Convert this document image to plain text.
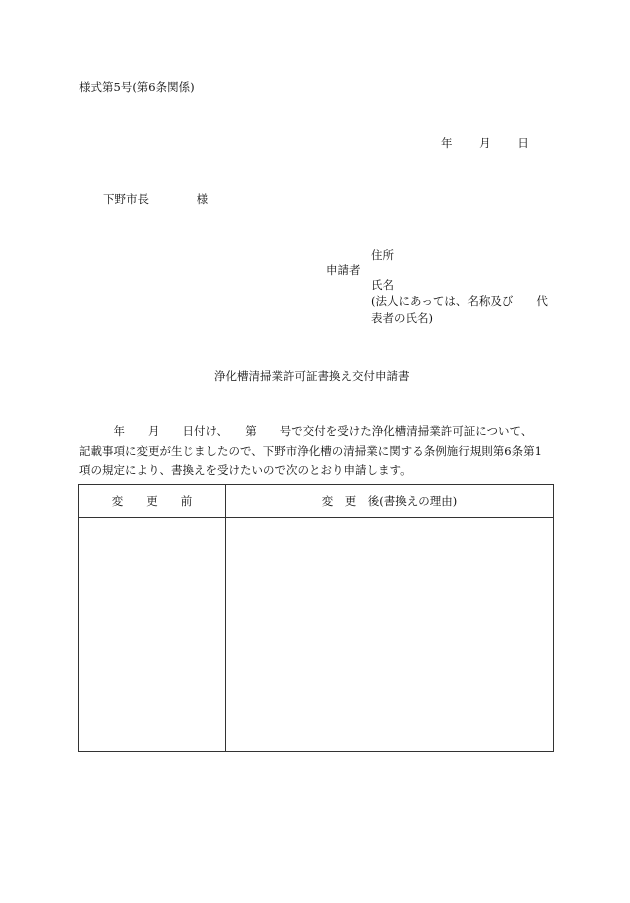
様式第5号(第6条関係)
年 月 日
下野市長	様
申請者
住所
氏名
(法人にあっては、名称及び　　代
表者の氏名)
浄化槽清掃業許可証書換え交付申請書
　　　年　　月　　日付け、　　第　　号で交付を受けた浄化槽清掃業許可証について、
記載事項に変更が生じましたので、下野市浄化槽の清掃業に関する条例施行規則第6条第1
項の規定により、書換えを受けたいので次のとおり申請します。
変　　更　　前	変　更　後(書換えの理由)
